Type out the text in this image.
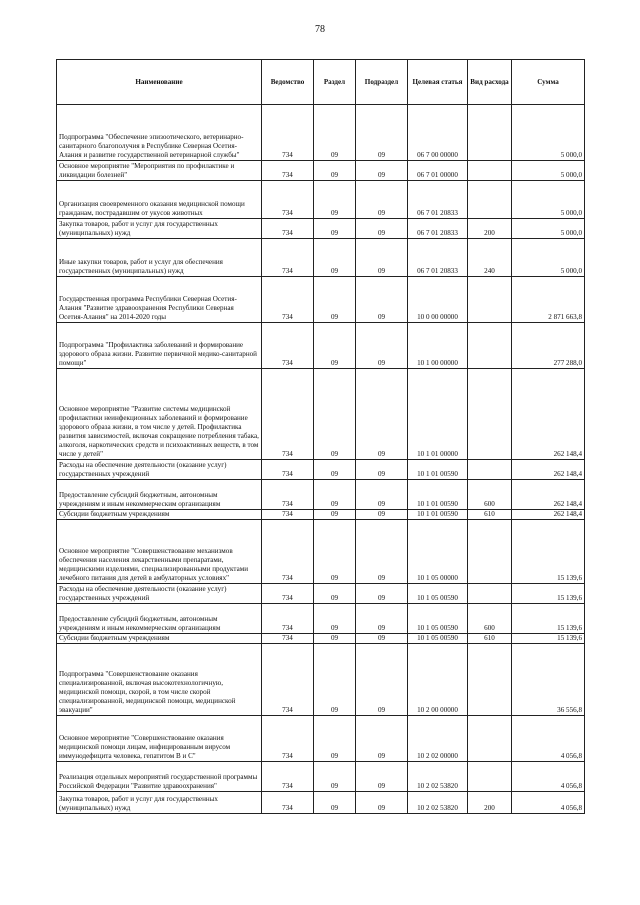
78
Наименование	Ведомство	Раздел	Подраздел	Целевая статья	Вид расхода	Сумма

Подпрограмма "Обеспечение эпизоотического, ветеринарно-санитарного благополучия в Республике Северная Осетия-Алания и развитие государственной ветеринарной службы"	734	09	09	06 7 00 00000		5 000,0

Основное мероприятие "Мероприятия по профилактике и ликвидации болезней"	734	09	09	06 7 01 00000		5 000,0

Организация своевременного оказания медицинской помощи гражданам, пострадавшим от укусов животных	734	09	09	06 7 01 20833		5 000,0

Закупка товаров, работ и услуг для государственных (муниципальных) нужд	734	09	09	06 7 01 20833	200	5 000,0

Иные закупки товаров, работ и услуг для обеспечения государственных (муниципальных) нужд	734	09	09	06 7 01 20833	240	5 000,0

Государственная программа Республики Северная Осетия-Алания "Развитие здравоохранения Республики Северная Осетия-Алания" на 2014-2020 годы	734	09	09	10 0 00 00000		2 871 663,8

Подпрограмма "Профилактика заболеваний и формирование здорового образа жизни. Развитие первичной медико-санитарной помощи"	734	09	09	10 1 00 00000		277 288,0

Основное мероприятие "Развитие системы медицинской профилактики неинфекционных заболеваний и формирование здорового образа жизни, в том числе у детей. Профилактика развития зависимостей, включая сокращение потребления табака, алкоголя, наркотических средств и психоактивных веществ, в том числе у детей"	734	09	09	10 1 01 00000		262 148,4

Расходы на обеспечение деятельности (оказание услуг) государственных учреждений	734	09	09	10 1 01 00590		262 148,4

Предоставление субсидий бюджетным, автономным учреждениям и иным некоммерческим организациям	734	09	09	10 1 01 00590	600	262 148,4

Субсидии бюджетным учреждениям	734	09	09	10 1 01 00590	610	262 148,4

Основное мероприятие "Совершенствование механизмов обеспечения населения лекарственными препаратами, медицинскими изделиями, специализированными продуктами лечебного питания для детей в амбулаторных условиях"	734	09	09	10 1 05 00000		15 139,6

Расходы на обеспечение деятельности (оказание услуг) государственных учреждений	734	09	09	10 1 05 00590		15 139,6

Предоставление субсидий бюджетным, автономным учреждениям и иным некоммерческим организациям	734	09	09	10 1 05 00590	600	15 139,6

Субсидии бюджетным учреждениям	734	09	09	10 1 05 00590	610	15 139,6

Подпрограмма "Совершенствование оказания специализированной, включая высокотехнологичную, медицинской помощи, скорой, в том числе скорой специализированной, медицинской помощи, медицинской эвакуации"	734	09	09	10 2 00 00000		36 556,8

Основное мероприятие "Совершенствование оказания медицинской помощи лицам, инфицированным вирусом иммунодефицита человека, гепатитом В и С"	734	09	09	10 2 02 00000		4 056,8

Реализация отдельных мероприятий государственной программы Российской Федерации "Развитие здравоохранения"	734	09	09	10 2 02 53820		4 056,8

Закупка товаров, работ и услуг для государственных (муниципальных) нужд	734	09	09	10 2 02 53820	200	4 056,8
